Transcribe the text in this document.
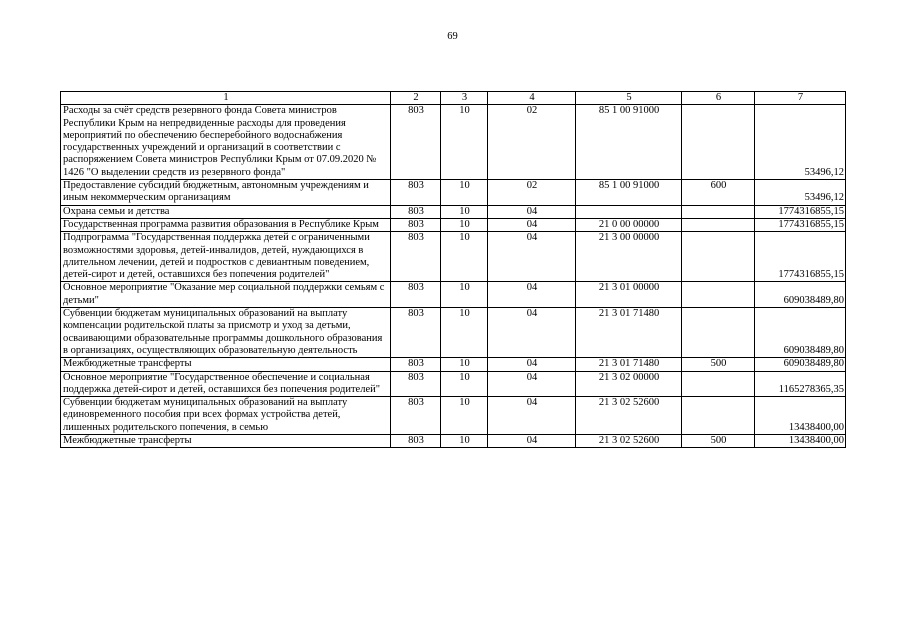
69
1	2	3	4	5	6	7
Расходы за счёт средств резервного фонда Совета министров Республики Крым на непредвиденные расходы для проведения мероприятий по обеспечению бесперебойного водоснабжения государственных учреждений и организаций в соответствии с распоряжением Совета министров Республики Крым от 07.09.2020 № 1426 "О выделении средств из резервного фонда"	803	10	02	85 1 00 91000		53496,12
Предоставление субсидий бюджетным, автономным учреждениям и иным некоммерческим организациям	803	10	02	85 1 00 91000	600	53496,12
Охрана семьи и детства	803	10	04			1774316855,15
Государственная программа развития образования в Республике Крым	803	10	04	21 0 00 00000		1774316855,15
Подпрограмма "Государственная поддержка детей с ограниченными возможностями здоровья, детей-инвалидов, детей, нуждающихся в длительном лечении, детей и подростков с девиантным поведением, детей-сирот и детей, оставшихся без попечения родителей"	803	10	04	21 3 00 00000		1774316855,15
Основное мероприятие "Оказание мер социальной поддержки семьям с детьми"	803	10	04	21 3 01 00000		609038489,80
Субвенции бюджетам муниципальных образований на выплату компенсации родительской платы за присмотр и уход за детьми, осваивающими образовательные программы дошкольного образования в организациях, осуществляющих образовательную деятельность	803	10	04	21 3 01 71480		609038489,80
Межбюджетные трансферты	803	10	04	21 3 01 71480	500	609038489,80
Основное мероприятие "Государственное обеспечение и социальная поддержка детей-сирот и детей, оставшихся без попечения родителей"	803	10	04	21 3 02 00000		1165278365,35
Субвенции бюджетам муниципальных образований на выплату единовременного пособия при всех формах устройства детей, лишенных родительского попечения, в семью	803	10	04	21 3 02 52600		13438400,00
Межбюджетные трансферты	803	10	04	21 3 02 52600	500	13438400,00
